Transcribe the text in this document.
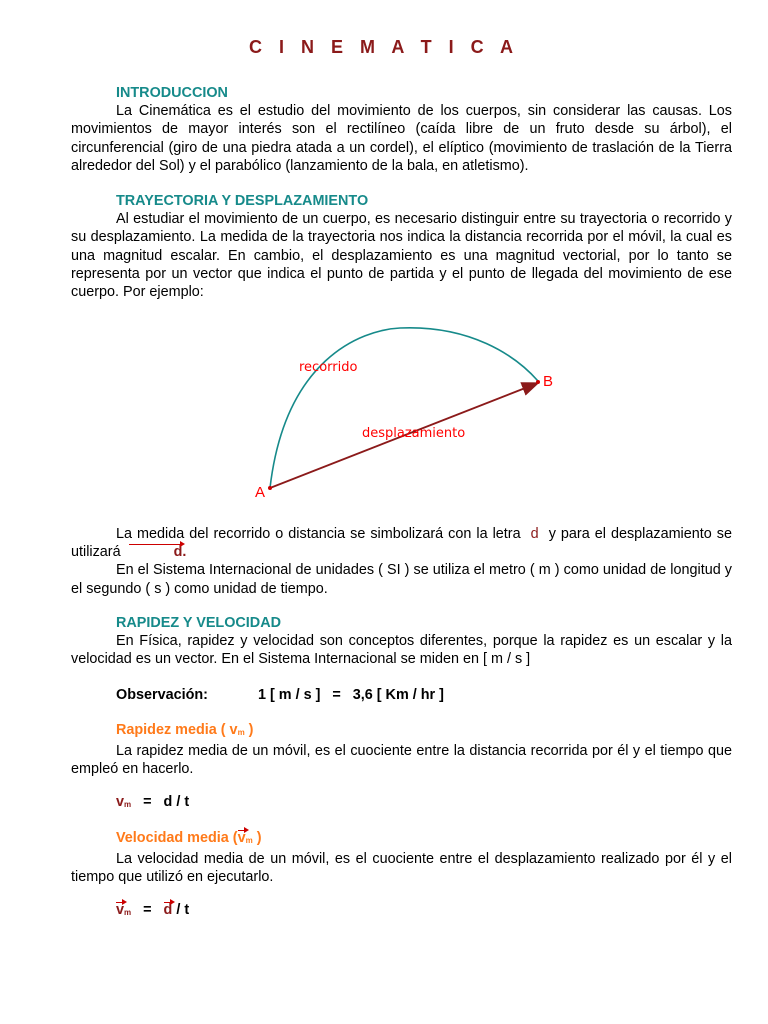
C I N E M A T I C A
INTRODUCCION

La Cinemática es el estudio del movimiento de los cuerpos, sin considerar las causas. Los movimientos de mayor interés son el rectilíneo (caída libre de un fruto desde su árbol), el circunferencial (giro de una piedra atada a un cordel), el elíptico (movimiento de traslación de la Tierra alrededor del Sol) y el parabólico (lanzamiento de la bala, en atletismo).

TRAYECTORIA Y DESPLAZAMIENTO

Al estudiar el movimiento de un cuerpo, es necesario distinguir entre su trayectoria o recorrido y su desplazamiento. La medida de la trayectoria nos indica la distancia recorrida por el móvil, la cual es una magnitud escalar. En cambio, el desplazamiento es una magnitud vectorial, por lo tanto se representa por un vector que indica el punto de partida y el punto de llegada del movimiento de ese cuerpo. Por ejemplo:

recorrido
desplazamiento
A
B

La medida del recorrido o distancia se simbolizará con la letra d y para el desplazamiento se utilizará	d.

En el Sistema Internacional de unidades ( SI ) se utiliza el metro ( m ) como unidad de longitud y el segundo ( s ) como unidad de tiempo.

RAPIDEZ Y VELOCIDAD

En Física, rapidez y velocidad son conceptos diferentes, porque la rapidez es un escalar y la velocidad es un vector. En el Sistema Internacional se miden en [ m / s ]

Observación:	1 [ m / s ]   =   3,6 [ Km / hr ]
Rapidez media ( $v_m$ )

La rapidez media de un móvil, es el cuociente entre la distancia recorrida por él y el tiempo que empleó en hacerlo.

$v_m = d / t$
Velocidad media ($v_m$ )

La velocidad media de un móvil, es el cuociente entre el desplazamiento realizado por él y el tiempo que utilizó en ejecutarlo.

$v_m = d / t$
